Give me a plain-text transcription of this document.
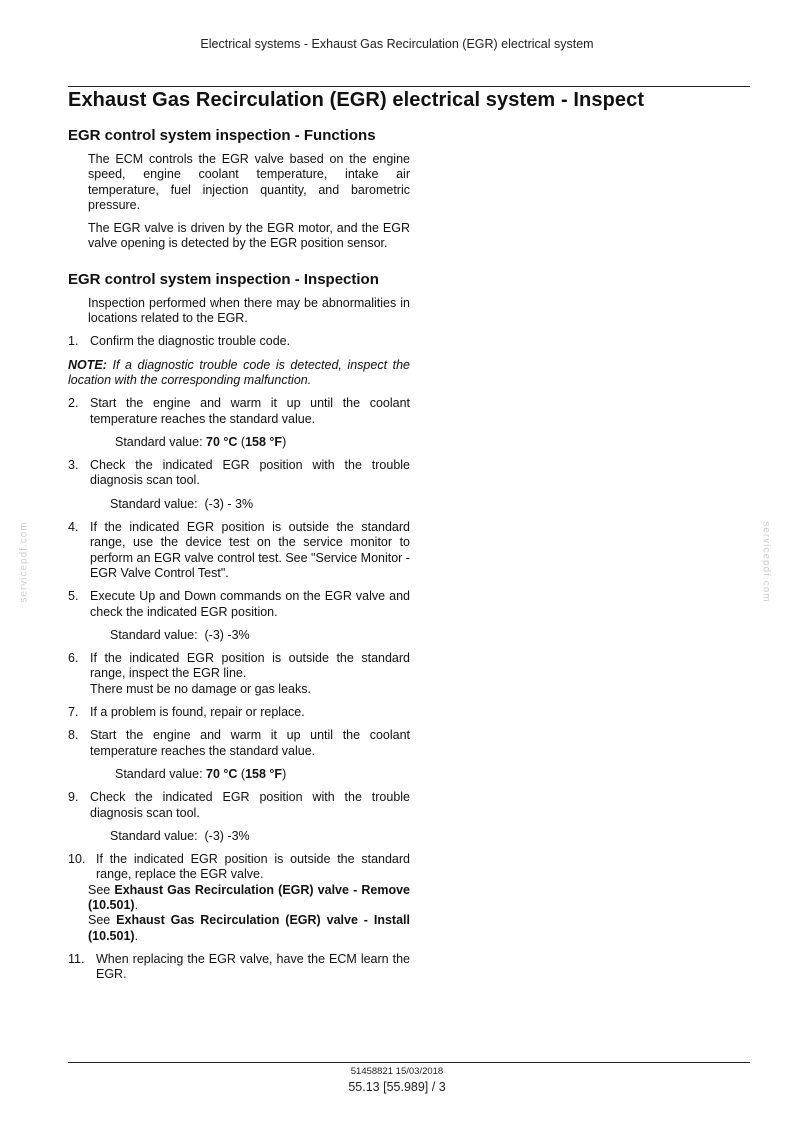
Electrical systems - Exhaust Gas Recirculation (EGR) electrical system
Exhaust Gas Recirculation (EGR) electrical system - Inspect
EGR control system inspection - Functions

The ECM controls the EGR valve based on the engine speed, engine coolant temperature, intake air temperature, fuel injection quantity, and barometric pressure.

The EGR valve is driven by the EGR motor, and the EGR valve opening is detected by the EGR position sensor.

EGR control system inspection - Inspection

Inspection performed when there may be abnormalities in locations related to the EGR.

1. Confirm the diagnostic trouble code.

NOTE: If a diagnostic trouble code is detected, inspect the location with the corresponding malfunction.

2. Start the engine and warm it up until the coolant temperature reaches the standard value.
Standard value: 70 °C (158 °F)
3. Check the indicated EGR position with the trouble diagnosis scan tool.
Standard value:  (-3) - 3%
4. If the indicated EGR position is outside the standard range, use the device test on the service monitor to perform an EGR valve control test. See "Service Monitor - EGR Valve Control Test".
5. Execute Up and Down commands on the EGR valve and check the indicated EGR position.
Standard value:  (-3) -3%
6. If the indicated EGR position is outside the standard range, inspect the EGR line.
There must be no damage or gas leaks.
7. If a problem is found, repair or replace.
8. Start the engine and warm it up until the coolant temperature reaches the standard value.
Standard value: 70 °C (158 °F)
9. Check the indicated EGR position with the trouble diagnosis scan tool.
Standard value:  (-3) -3%
10. If the indicated EGR position is outside the standard range, replace the EGR valve.
See Exhaust Gas Recirculation (EGR) valve - Remove (10.501).
See Exhaust Gas Recirculation (EGR) valve - Install (10.501).
11. When replacing the EGR valve, have the ECM learn the EGR.
servicepdf.com	servicepdf.com
51458821 15/03/2018
55.13 [55.989] / 3
